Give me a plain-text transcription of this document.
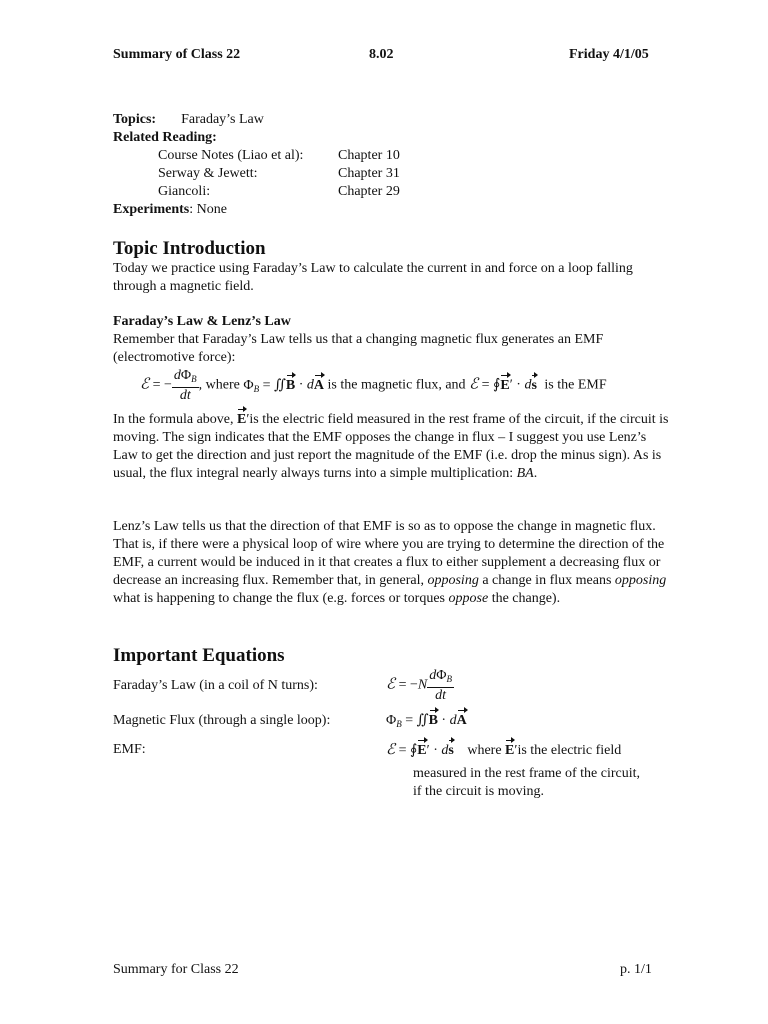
Summary of Class 22	8.02	Friday 4/1/05
Topics: Faraday’s Law
Related Reading:
Course Notes (Liao et al): Chapter 10
Serway & Jewett:	Chapter 31
Giancoli:	Chapter 29
Experiments: None
Topic Introduction
Today we practice using Faraday’s Law to calculate the current in and force on a loop falling through a magnetic field.
Faraday’s Law & Lenz’s Law
Remember that Faraday’s Law tells us that a changing magnetic flux generates an EMF (electromotive force):
ℰ = − $\frac{d\Phi_B}{dt}$ , where $\Phi_B$ = ∬B · dA is the magnetic flux, and ℰ = ∮E′ · ds is the EMF
In the formula above, E′is the electric field measured in the rest frame of the circuit, if the circuit is moving. The sign indicates that the EMF opposes the change in flux – I suggest you use Lenz’s Law to get the direction and just report the magnitude of the EMF (i.e. drop the minus sign). As is usual, the flux integral nearly always turns into a simple multiplication: BA.
Lenz’s Law tells us that the direction of that EMF is so as to oppose the change in magnetic flux. That is, if there were a physical loop of wire where you are trying to determine the direction of the EMF, a current would be induced in it that creates a flux to either supplement a decreasing flux or decrease an increasing flux. Remember that, in general, opposing a change in flux means opposing what is happening to change the flux (e.g. forces or torques oppose the change).
Important Equations
Faraday’s Law (in a coil of N turns):	ℰ = $-N \frac{d\Phi_B}{dt}$
Magnetic Flux (through a single loop):	$\Phi_B$ = ∬B · dA
EMF:	ℰ = ∮E′ · ds where E′is the electric field
measured in the rest frame of the circuit,
if the circuit is moving.
Summary for Class 22	p. 1/1
